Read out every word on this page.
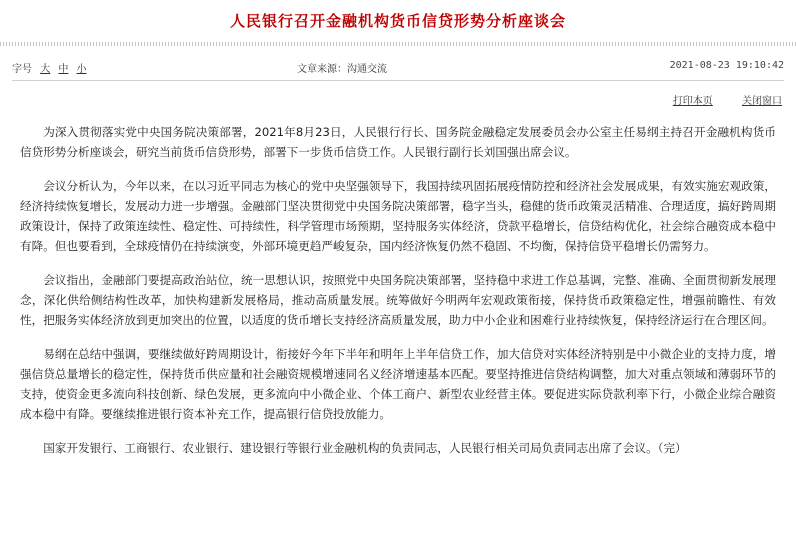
人民银行召开金融机构货币信贷形势分析座谈会
字号 大 中 小	文章来源：沟通交流	2021-08-23 19:10:42
打印本页	关闭窗口

为深入贯彻落实党中央国务院决策部署，2021年8月23日，人民银行行长、国务院金融稳定发展委员会办公室主任易纲主持召开金融机构货币信贷形势分析座谈会，研究当前货币信贷形势，部署下一步货币信贷工作。人民银行副行长刘国强出席会议。

会议分析认为，今年以来，在以习近平同志为核心的党中央坚强领导下，我国持续巩固拓展疫情防控和经济社会发展成果，有效实施宏观政策，经济持续恢复增长，发展动力进一步增强。金融部门坚决贯彻党中央国务院决策部署，稳字当头，稳健的货币政策灵活精准、合理适度，搞好跨周期政策设计，保持了政策连续性、稳定性、可持续性，科学管理市场预期，坚持服务实体经济，贷款平稳增长，信贷结构优化，社会综合融资成本稳中有降。但也要看到，全球疫情仍在持续演变，外部环境更趋严峻复杂，国内经济恢复仍然不稳固、不均衡，保持信贷平稳增长仍需努力。

会议指出，金融部门要提高政治站位，统一思想认识，按照党中央国务院决策部署，坚持稳中求进工作总基调，完整、准确、全面贯彻新发展理念，深化供给侧结构性改革，加快构建新发展格局，推动高质量发展。统筹做好今明两年宏观政策衔接，保持货币政策稳定性，增强前瞻性、有效性，把服务实体经济放到更加突出的位置，以适度的货币增长支持经济高质量发展，助力中小企业和困难行业持续恢复，保持经济运行在合理区间。

易纲在总结中强调，要继续做好跨周期设计，衔接好今年下半年和明年上半年信贷工作，加大信贷对实体经济特别是中小微企业的支持力度，增强信贷总量增长的稳定性，保持货币供应量和社会融资规模增速同名义经济增速基本匹配。要坚持推进信贷结构调整，加大对重点领域和薄弱环节的支持，使资金更多流向科技创新、绿色发展，更多流向中小微企业、个体工商户、新型农业经营主体。要促进实际贷款利率下行，小微企业综合融资成本稳中有降。要继续推进银行资本补充工作，提高银行信贷投放能力。

国家开发银行、工商银行、农业银行、建设银行等银行业金融机构的负责同志，人民银行相关司局负责同志出席了会议。（完）
